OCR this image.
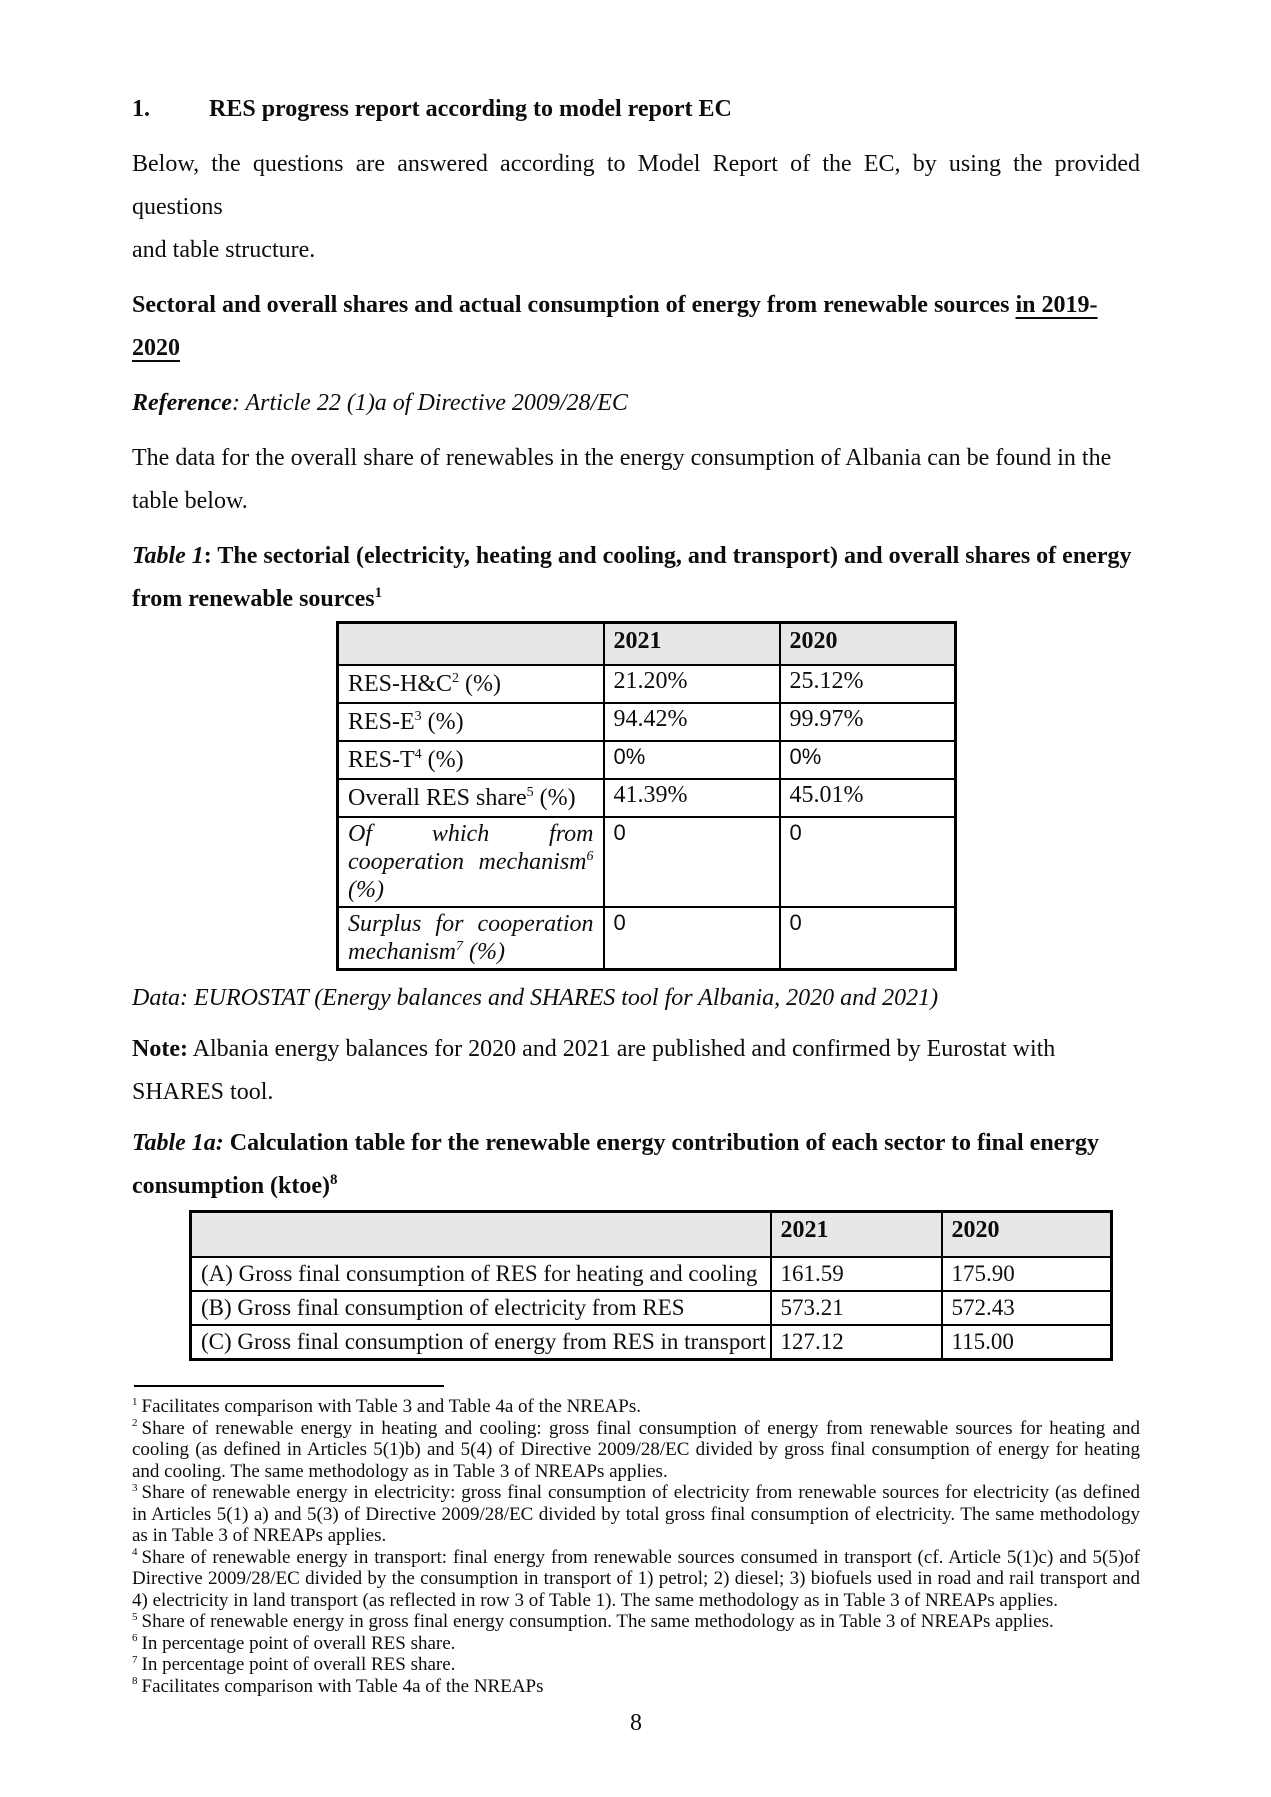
1. RES progress report according to model report EC

Below, the questions are answered according to Model Report of the EC, by using the provided questions
and table structure.

Sectoral and overall shares and actual consumption of energy from renewable sources in 2019-
2020

Reference: Article 22 (1)a of Directive 2009/28/EC

The data for the overall share of renewables in the energy consumption of Albania can be found in the
table below.

Table 1: The sectorial (electricity, heating and cooling, and transport) and overall shares of energy
from renewable sources$^1$

	2021	2020
RES-$H\&C^2$ (%)	21.20%	25.12%
RES-$E^3$ (%)	94.42%	99.97%
RES-$T^4$ (%)	0%	0%
Overall RES share$^5$ (%)	41.39%	45.01%
Of which from cooperation mechanism$^6$ (%)	0	0
Surplus for cooperation mechanism$^7$ (%)	0	0

Data: EUROSTAT (Energy balances and SHARES tool for Albania, 2020 and 2021)

Note: Albania energy balances for 2020 and 2021 are published and confirmed by Eurostat with
SHARES tool.

Table 1a: Calculation table for the renewable energy contribution of each sector to final energy
consumption (ktoe)$^8$

	2021	2020
(A) Gross final consumption of RES for heating and cooling	161.59	175.90
(B) Gross final consumption of electricity from RES	573.21	572.43
(C) Gross final consumption of energy from RES in transport	127.12	115.00
$^1$ Facilitates comparison with Table 3 and Table 4a of the NREAPs.
$^2$ Share of renewable energy in heating and cooling: gross final consumption of energy from renewable sources for heating and cooling (as defined in Articles 5(1)b) and 5(4) of Directive 2009/28/EC divided by gross final consumption of energy for heating and cooling. The same methodology as in Table 3 of NREAPs applies.
$^3$ Share of renewable energy in electricity: gross final consumption of electricity from renewable sources for electricity (as defined in Articles 5(1) a) and 5(3) of Directive 2009/28/EC divided by total gross final consumption of electricity. The same methodology as in Table 3 of NREAPs applies.
$^4$ Share of renewable energy in transport: final energy from renewable sources consumed in transport (cf. Article 5(1)c) and 5(5)of Directive 2009/28/EC divided by the consumption in transport of 1) petrol; 2) diesel; 3) biofuels used in road and rail transport and 4) electricity in land transport (as reflected in row 3 of Table 1). The same methodology as in Table 3 of NREAPs applies.
$^5$ Share of renewable energy in gross final energy consumption. The same methodology as in Table 3 of NREAPs applies.
$^6$ In percentage point of overall RES share.
$^7$ In percentage point of overall RES share.
$^8$ Facilitates comparison with Table 4a of the NREAPs
8
